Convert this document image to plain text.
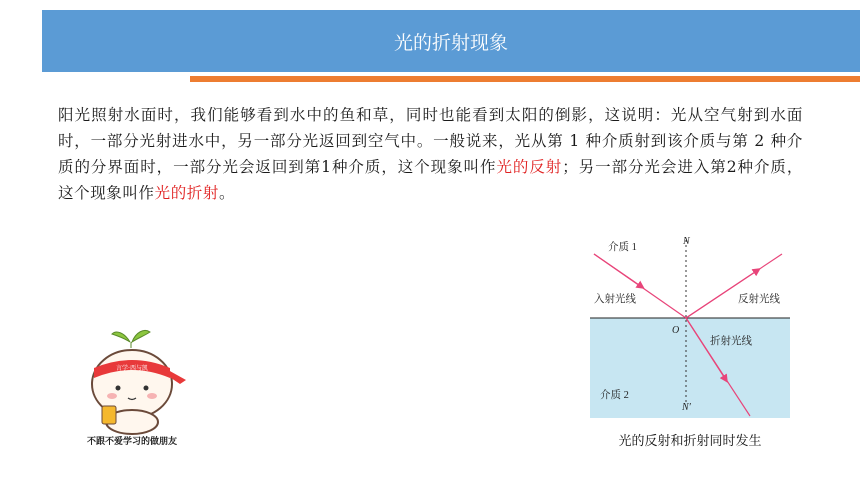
光的折射现象
阳光照射水面时，我们能够看到水中的鱼和草，同时也能看到太阳的倒影，这说明：光从空气射到水面时，一部分光射进水中，另一部分光返回到空气中。一般说来，光从第 1 种介质射到该介质与第 2 种介质的分界面时，一部分光会返回到第1种介质，这个现象叫作光的反射；另一部分光会进入第2种介质，这个现象叫作光的折射。
介质 1
N
入射光线	反射光线
O
折射光线
介质 2
N′
光的反射和折射同时发生
言学·西与凯
不跟不爱学习的做朋友
